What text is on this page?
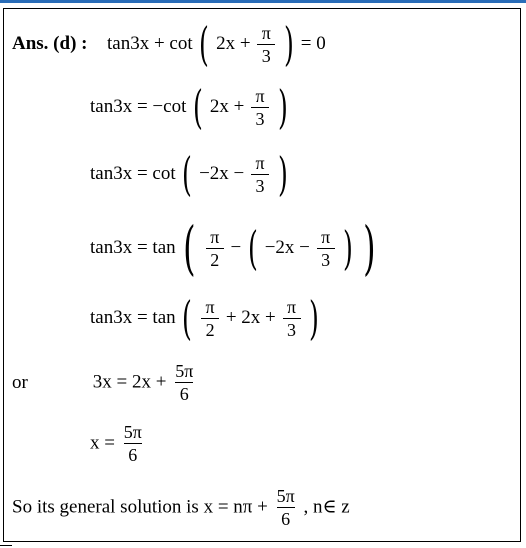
Ans. (d) : tan3x + cot ( $2x + \frac{\pi}{3}$ ) = 0
tan3x = −cot ( $2x + \frac{\pi}{3}$ )
tan3x = cot ( $-2x - \frac{\pi}{3}$ )
tan3x = tan ( $\frac{\pi}{2}$ − ( $-2x - \frac{\pi}{3}$ ) )
tan3x = tan ( $\frac{\pi}{2} + 2x + \frac{\pi}{3}$ )
or	$3x = 2x + \frac{5\pi}{6}$
$x = \frac{5\pi}{6}$
So its general solution is $x = n\pi + \frac{5\pi}{6}$ , n∈ z
